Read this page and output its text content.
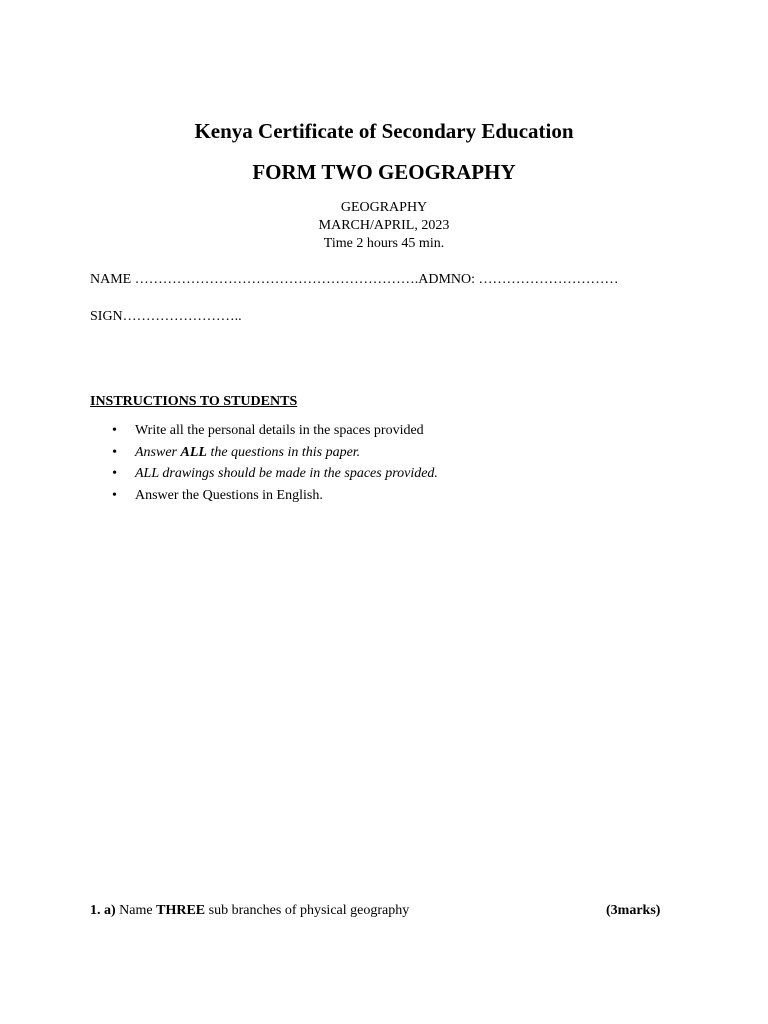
Kenya Certificate of Secondary Education
FORM TWO GEOGRAPHY
GEOGRAPHY
MARCH/APRIL, 2023
Time 2 hours 45 min.
NAME …………………………………………………….ADMNO: …………………………
SIGN……………………..
INSTRUCTIONS TO STUDENTS
• Write all the personal details in the spaces provided
• Answer ALL the questions in this paper.
• ALL drawings should be made in the spaces provided.
• Answer the Questions in English.
1. a) Name THREE sub branches of physical geography	(3marks)
